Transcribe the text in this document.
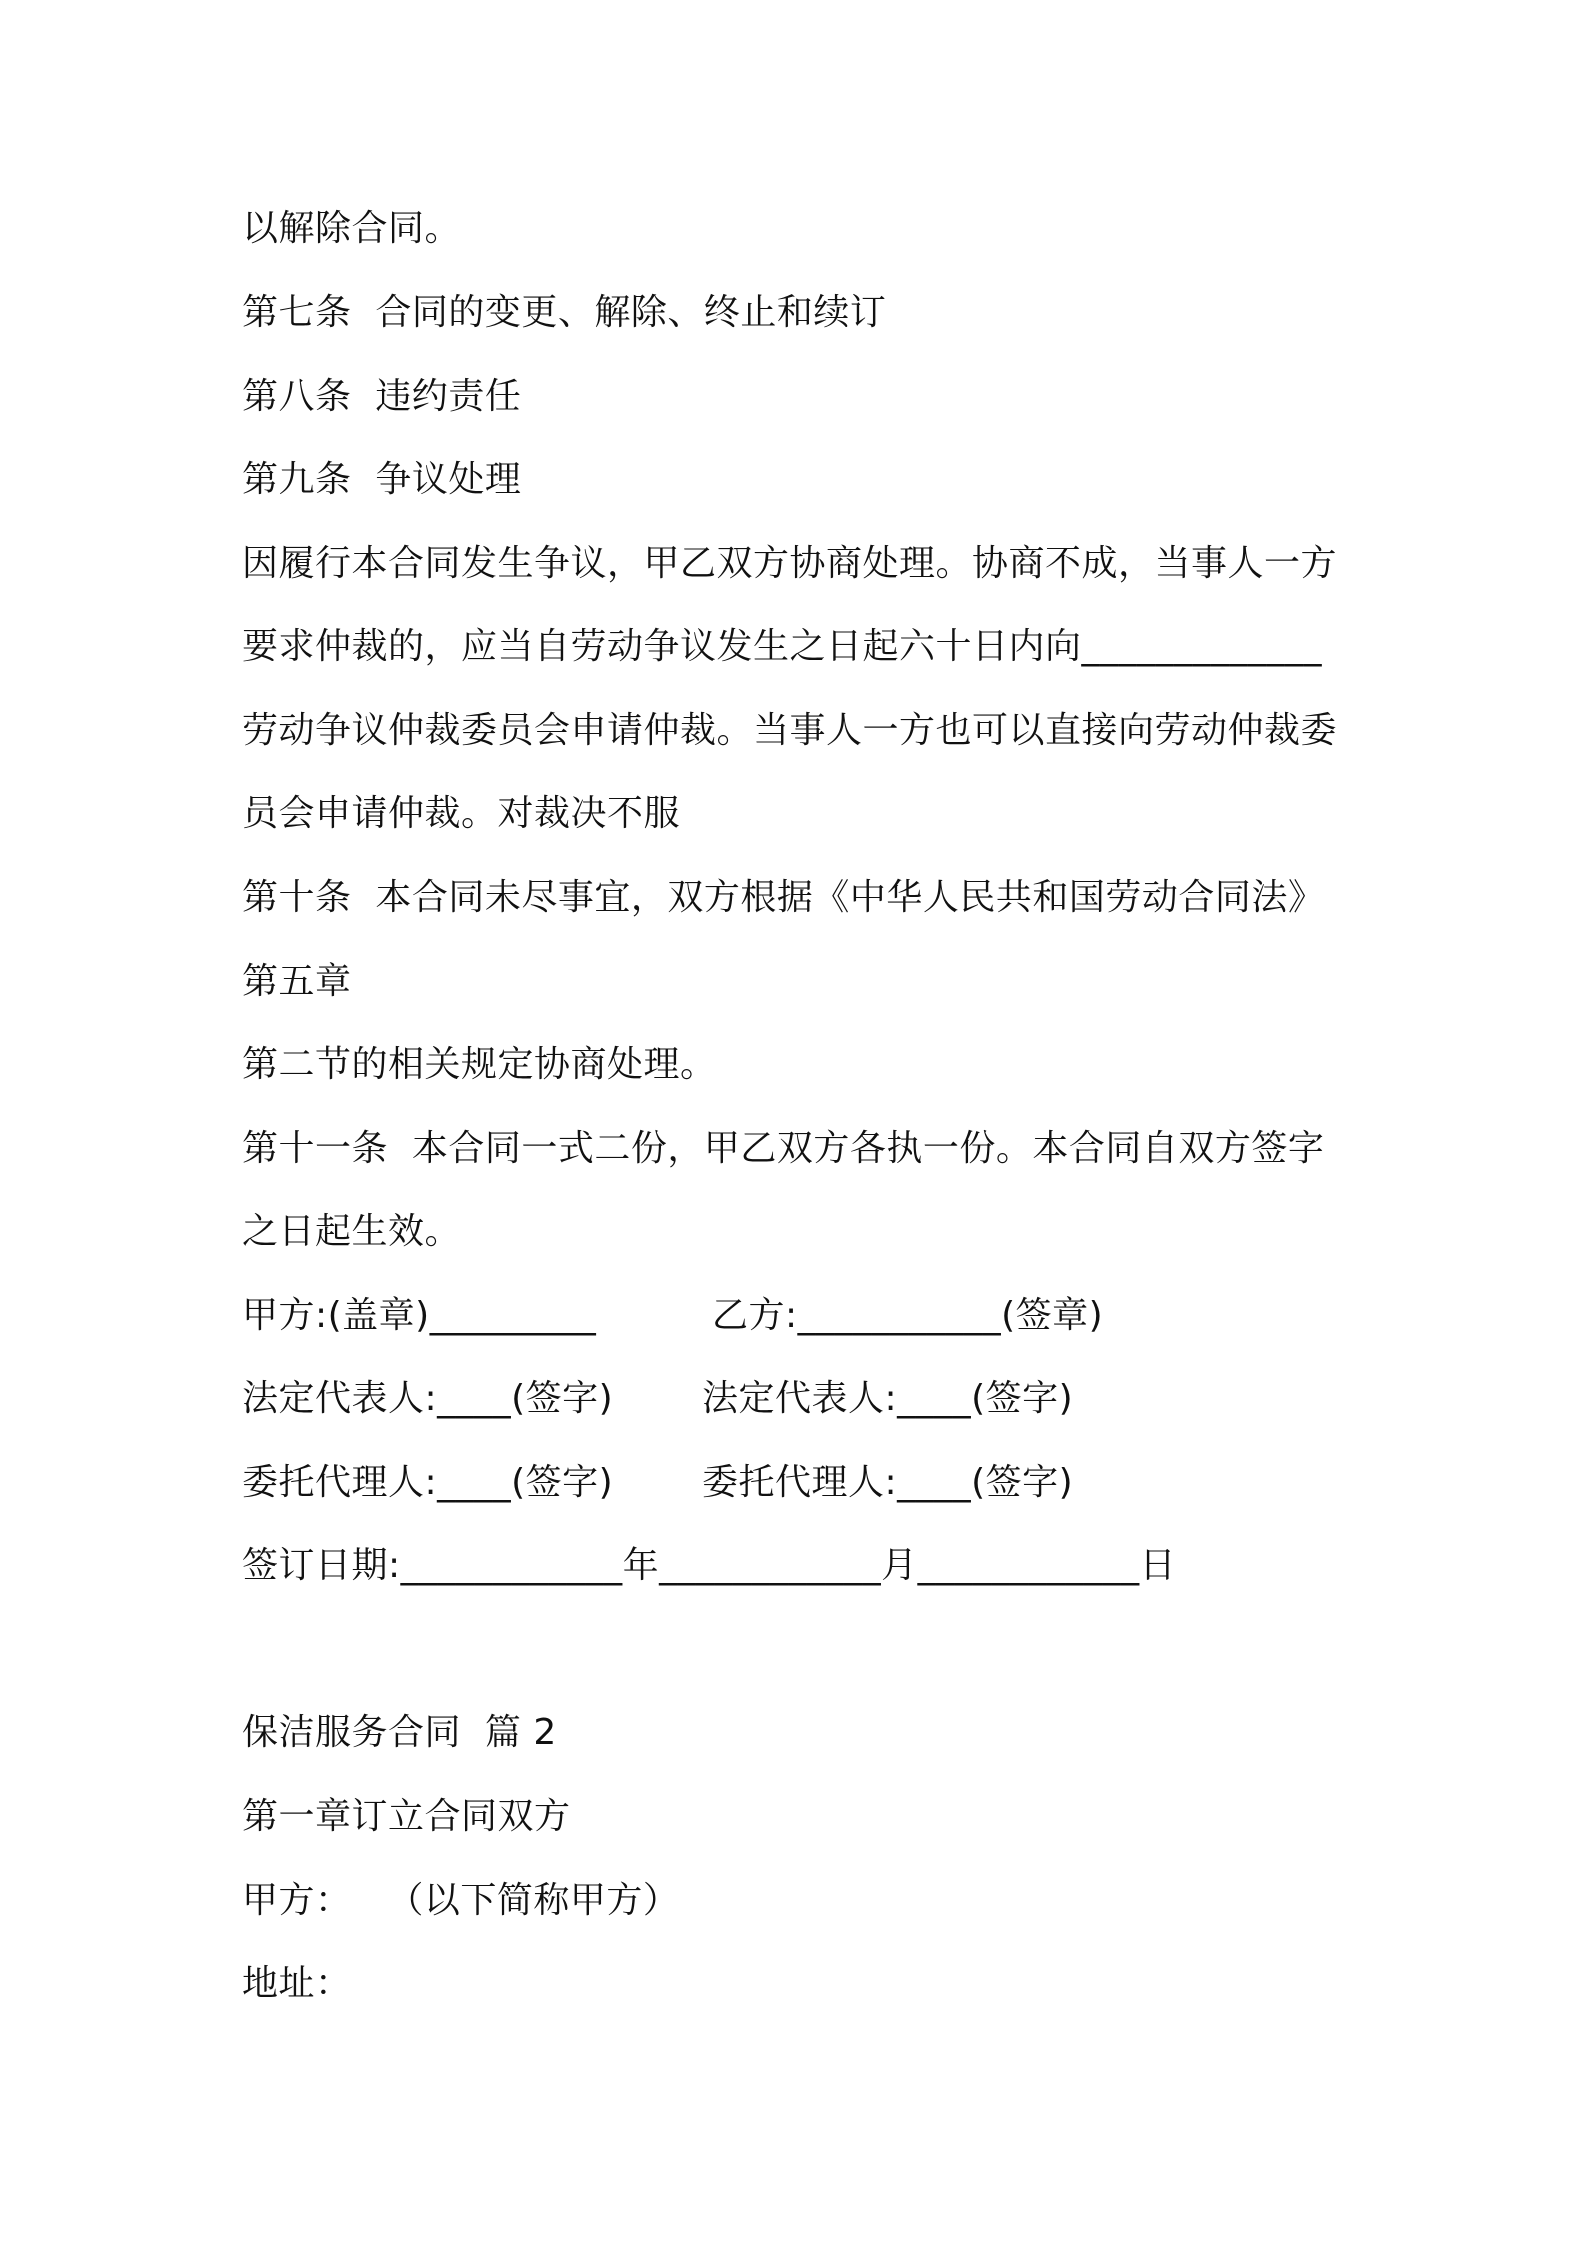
以解除合同。
第七条  合同的变更、解除、终止和续订
第八条  违约责任
第九条  争议处理
因履行本合同发生争议，甲乙双方协商处理。协商不成，当事人一方
要求仲裁的，应当自劳动争议发生之日起六十日内向_____________
劳动争议仲裁委员会申请仲裁。当事人一方也可以直接向劳动仲裁委
员会申请仲裁。对裁决不服
第十条  本合同未尽事宜，双方根据《中华人民共和国劳动合同法》
第五章
第二节的相关规定协商处理。
第十一条  本合同一式二份，甲乙双方各执一份。本合同自双方签字
之日起生效。
甲方:(盖章)_________	乙方:___________(签章)
法定代表人:____(签字) 法定代表人:____(签字)
委托代理人:____(签字) 委托代理人:____(签字)
签订日期:____________年____________月____________日
保洁服务合同  篇 2
第一章订立合同双方
甲方：   （以下简称甲方）
地址：
